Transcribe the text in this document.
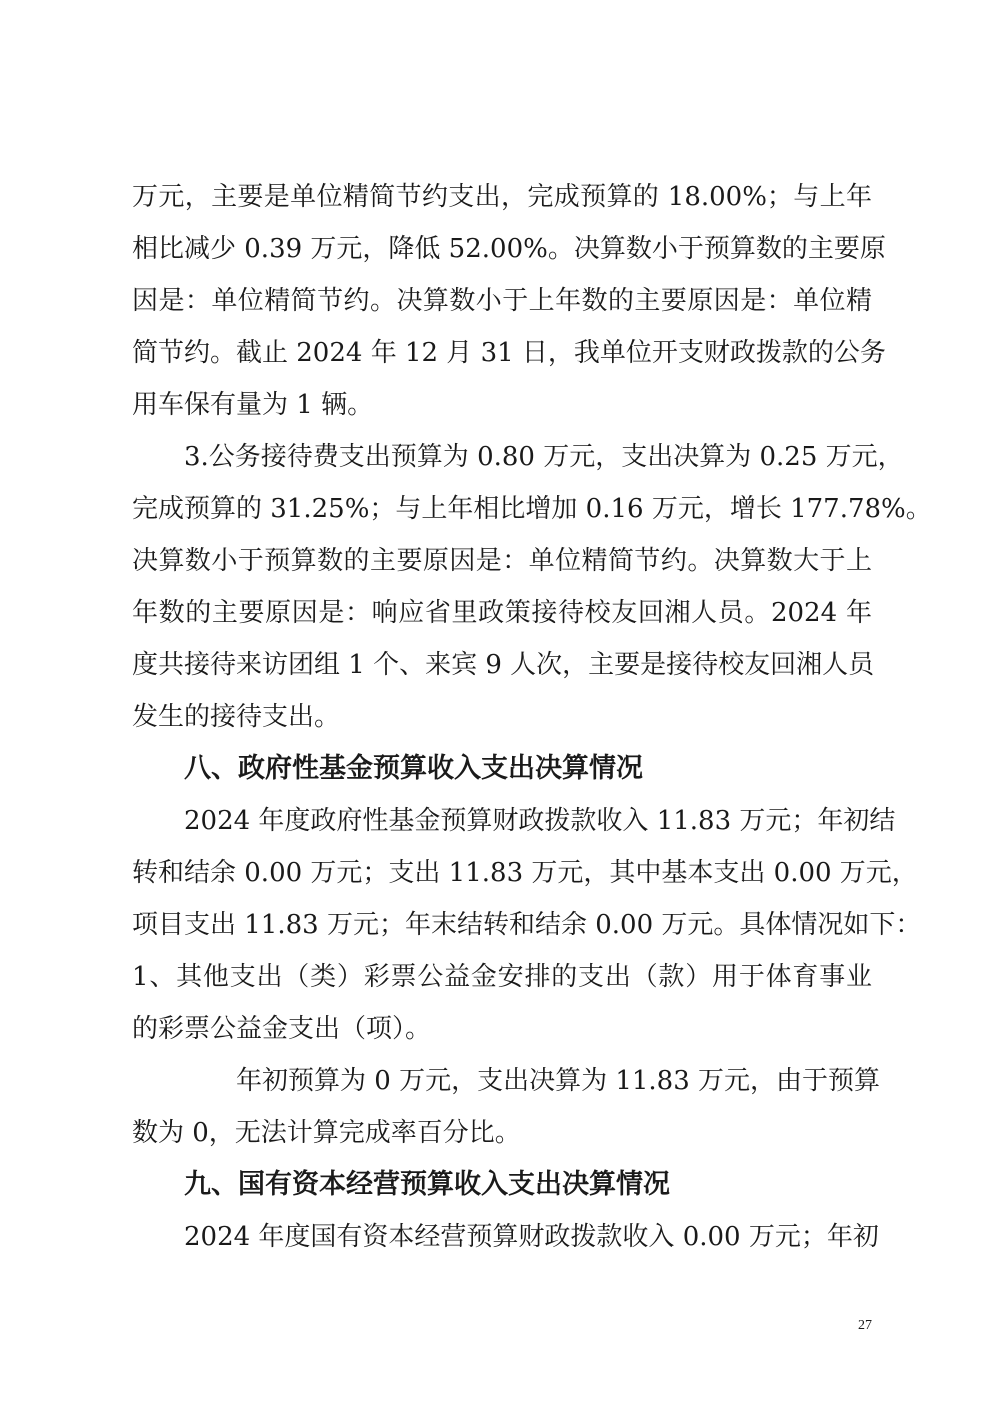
万元，主要是单位精简节约支出，完成预算的 18.00%；与上年
相比减少 0.39 万元，降低 52.00%。决算数小于预算数的主要原
因是：单位精简节约。决算数小于上年数的主要原因是：单位精
简节约。截止 2024 年 12 月 31 日，我单位开支财政拨款的公务
用车保有量为 1 辆。
3.公务接待费支出预算为 0.80 万元，支出决算为 0.25 万元，
完成预算的 31.25%；与上年相比增加 0.16 万元，增长 177.78%。
决算数小于预算数的主要原因是：单位精简节约。决算数大于上
年数的主要原因是：响应省里政策接待校友回湘人员。2024 年
度共接待来访团组 1 个、来宾 9 人次，主要是接待校友回湘人员
发生的接待支出。
八、政府性基金预算收入支出决算情况
2024 年度政府性基金预算财政拨款收入 11.83 万元；年初结
转和结余 0.00 万元；支出 11.83 万元，其中基本支出 0.00 万元，
项目支出 11.83 万元；年末结转和结余 0.00 万元。具体情况如下：
1、其他支出（类）彩票公益金安排的支出（款）用于体育事业
的彩票公益金支出（项）。
年初预算为 0 万元，支出决算为 11.83 万元，由于预算
数为 0，无法计算完成率百分比。
九、国有资本经营预算收入支出决算情况
2024 年度国有资本经营预算财政拨款收入 0.00 万元；年初
27
